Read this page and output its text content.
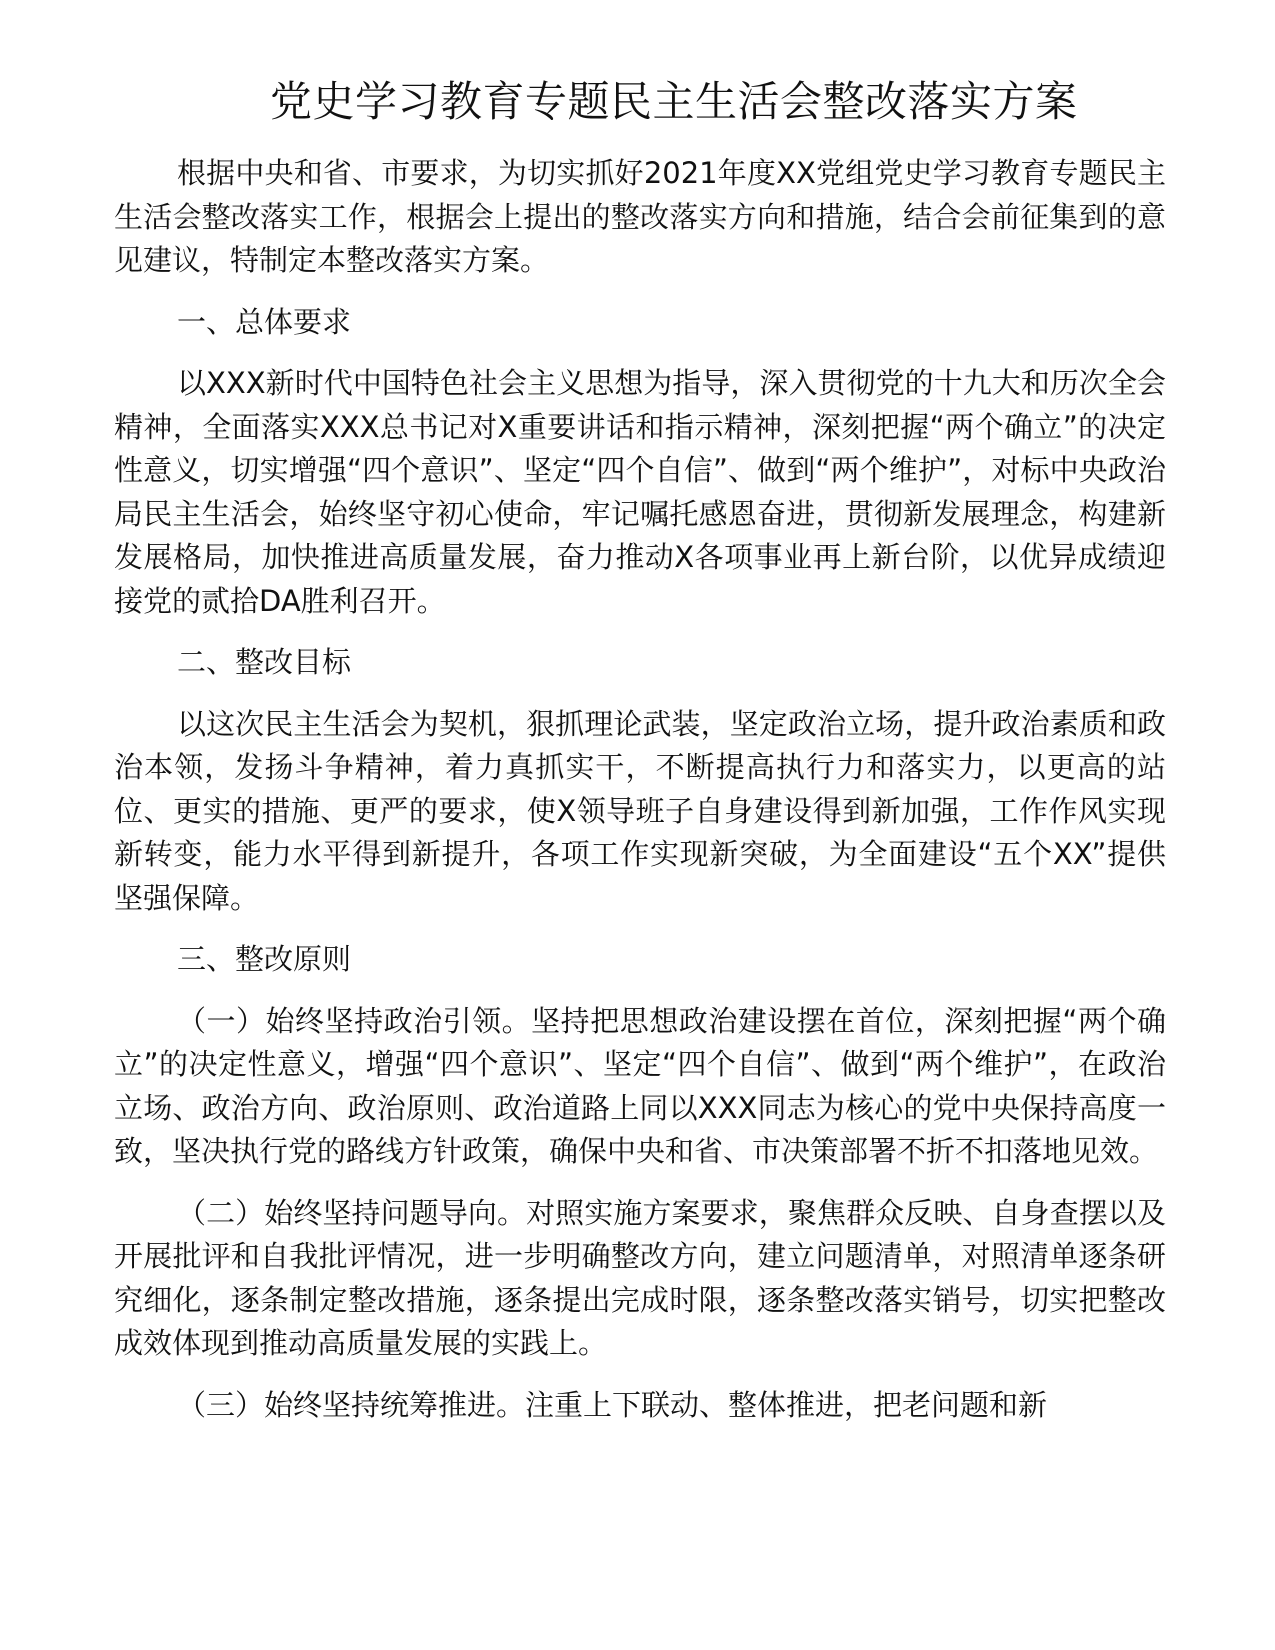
党史学习教育专题民主生活会整改落实方案

根据中央和省、市要求，为切实抓好2021年度XX党组党史学习教育专题民主生活会整改落实工作，根据会上提出的整改落实方向和措施，结合会前征集到的意见建议，特制定本整改落实方案。

一、总体要求

以XXX新时代中国特色社会主义思想为指导，深入贯彻党的十九大和历次全会精神，全面落实XXX总书记对X重要讲话和指示精神，深刻把握“两个确立”的决定性意义，切实增强“四个意识”、坚定“四个自信”、做到“两个维护”，对标中央政治局民主生活会，始终坚守初心使命，牢记嘱托感恩奋进，贯彻新发展理念，构建新发展格局，加快推进高质量发展，奋力推动X各项事业再上新台阶，以优异成绩迎接党的贰拾DA胜利召开。

二、整改目标

以这次民主生活会为契机，狠抓理论武装，坚定政治立场，提升政治素质和政治本领，发扬斗争精神，着力真抓实干，不断提高执行力和落实力，以更高的站位、更实的措施、更严的要求，使X领导班子自身建设得到新加强，工作作风实现新转变，能力水平得到新提升，各项工作实现新突破，为全面建设“五个XX”提供坚强保障。

三、整改原则

（一）始终坚持政治引领。坚持把思想政治建设摆在首位，深刻把握“两个确立”的决定性意义，增强“四个意识”、坚定“四个自信”、做到“两个维护”，在政治立场、政治方向、政治原则、政治道路上同以XXX同志为核心的党中央保持高度一致，坚决执行党的路线方针政策，确保中央和省、市决策部署不折不扣落地见效。

（二）始终坚持问题导向。对照实施方案要求，聚焦群众反映、自身查摆以及开展批评和自我批评情况，进一步明确整改方向，建立问题清单，对照清单逐条研究细化，逐条制定整改措施，逐条提出完成时限，逐条整改落实销号，切实把整改成效体现到推动高质量发展的实践上。

（三）始终坚持统筹推进。注重上下联动、整体推进，把老问题和新
